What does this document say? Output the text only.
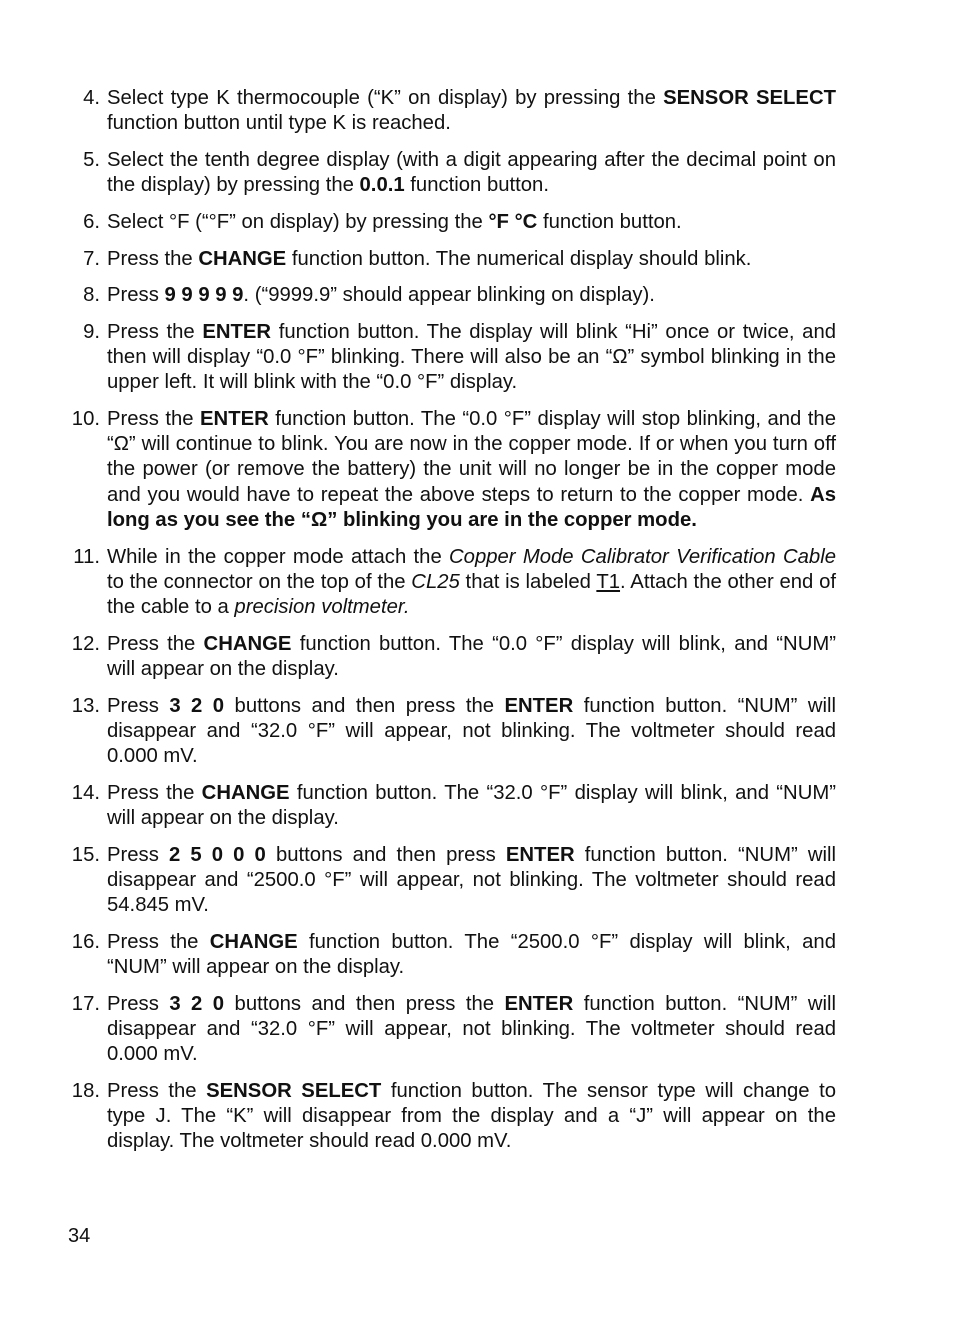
4. Select type K thermocouple (“K” on display) by pressing the SENSOR SELECT function button until type K is reached.
5. Select the tenth degree display (with a digit appearing after the decimal point on the display) by pressing the 0.0.1 function button.
6. Select °F (“°F” on display) by pressing the °F °C function button.
7. Press the CHANGE function button. The numerical display should blink.
8. Press 9 9 9 9 9. (“9999.9” should appear blinking on display).
9. Press the ENTER function button. The display will blink “Hi” once or twice, and then will display “0.0 °F” blinking. There will also be an “Ω” symbol blinking in the upper left. It will blink with the “0.0 °F” display.
10. Press the ENTER function button. The “0.0 °F” display will stop blinking, and the “Ω” will continue to blink. You are now in the copper mode. If or when you turn off the power (or remove the battery) the unit will no longer be in the copper mode and you would have to repeat the above steps to return to the copper mode. As long as you see the “Ω” blinking you are in the copper mode.
11. While in the copper mode attach the Copper Mode Calibrator Verification Cable to the connector on the top of the CL25 that is labeled T1. Attach the other end of the cable to a precision voltmeter.
12. Press the CHANGE function button. The “0.0 °F” display will blink, and “NUM” will appear on the display.
13. Press 3 2 0 buttons and then press the ENTER function button. “NUM” will disappear and “32.0 °F” will appear, not blinking. The voltmeter should read 0.000 mV.
14. Press the CHANGE function button. The “32.0 °F” display will blink, and “NUM” will appear on the display.
15. Press 2 5 0 0 0 buttons and then press ENTER function button. “NUM” will disappear and “2500.0 °F” will appear, not blinking. The voltmeter should read 54.845 mV.
16. Press the CHANGE function button. The “2500.0 °F” display will blink, and “NUM” will appear on the display.
17. Press 3 2 0 buttons and then press the ENTER function button. “NUM” will disappear and “32.0 °F” will appear, not blinking. The voltmeter should read 0.000 mV.
18. Press the SENSOR SELECT function button. The sensor type will change to type J. The “K” will disappear from the display and a “J” will appear on the display. The voltmeter should read 0.000 mV.
34
